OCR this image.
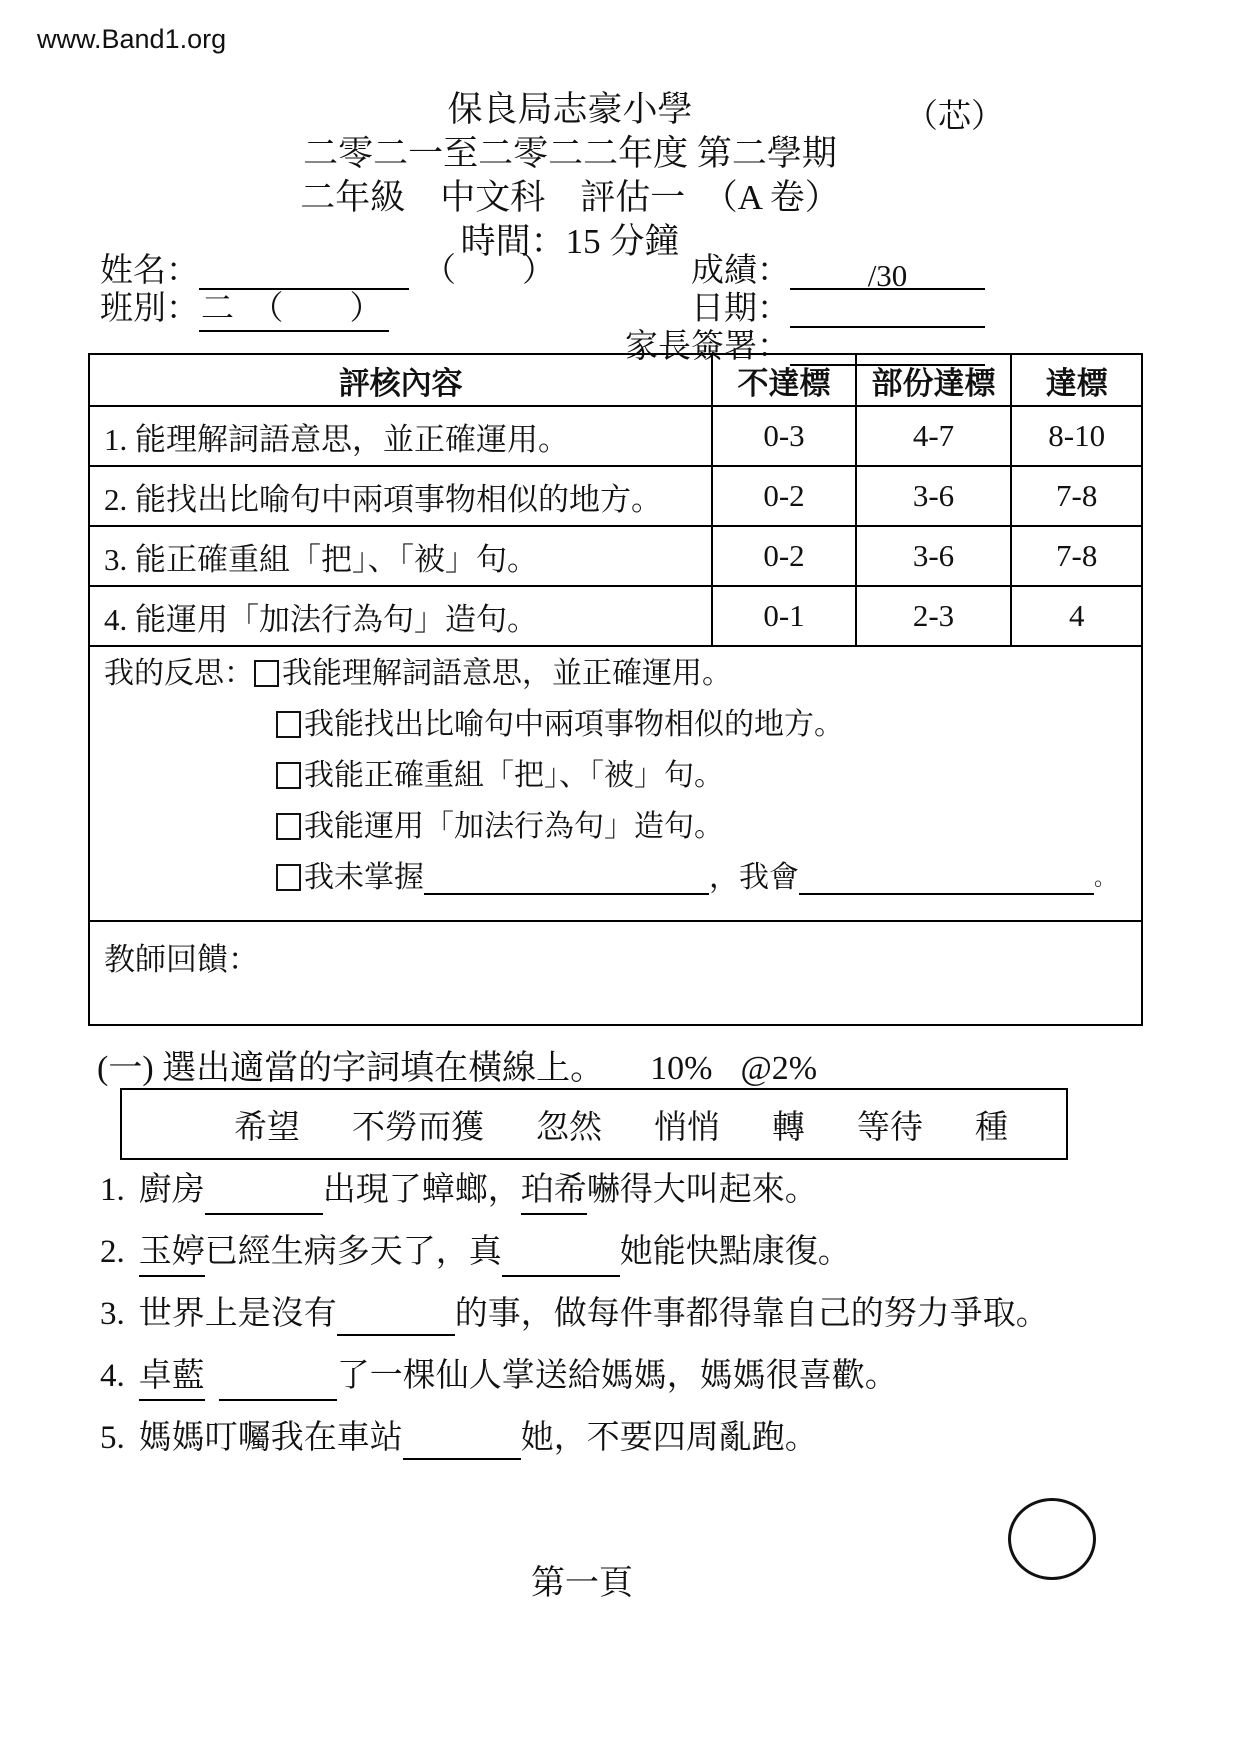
www.Band1.org
保良局志豪小學
二零二一至二零二二年度 第二學期
二年級　中文科　評估一　（A 卷）
時間：15 分鐘
（芯）
姓名：	（　　）
班別：二　 （　　）
成績：	/30
日期：
家長簽署：
評核內容	不達標	部份達標	達標
1. 能理解詞語意思，並正確運用。	0-3	4-7	8-10
2. 能找出比喻句中兩項事物相似的地方。	0-2	3-6	7-8
3. 能正確重組「把」、「被」句。	0-2	3-6	7-8
4. 能運用「加法行為句」造句。	0-1	2-3	4

我的反思： 我能理解詞語意思，並正確運用。
我能找出比喻句中兩項事物相似的地方。
我能正確重組「把」、「被」句。
我能運用「加法行為句」造句。
我未掌握 ，我會 。

教師回饋：			
(一) 選出適當的字詞填在橫線上。 10% @2%
希望 不勞而獲 忽然 悄悄 轉 等待 種
1. 廚房	出現了蟑螂，珀希嚇得大叫起來。
2. 玉婷已經生病多天了，真	她能快點康復。
3. 世界上是沒有	的事，做每件事都得靠自己的努力爭取。
4. 卓藍	了一棵仙人掌送給媽媽，媽媽很喜歡。
5. 媽媽叮囑我在車站	她，不要四周亂跑。
第一頁
